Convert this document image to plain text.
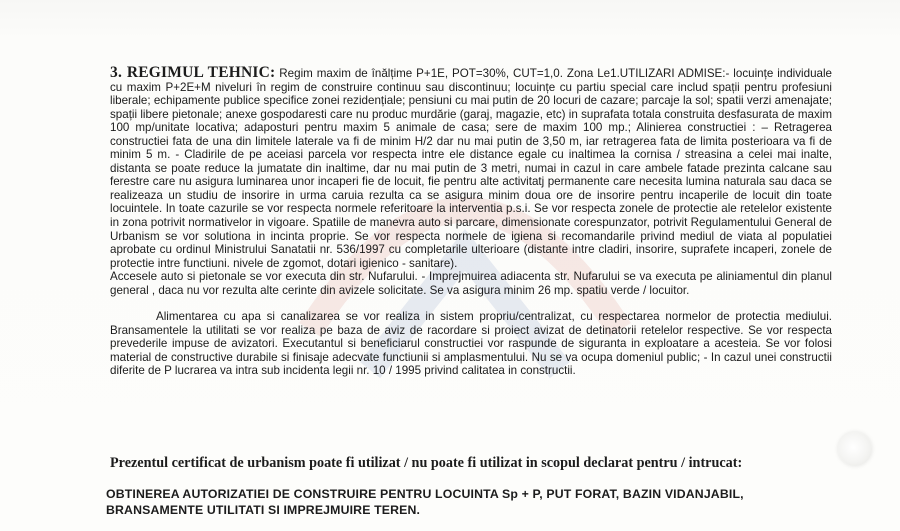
3. REGIMUL TEHNIC: Regim maxim de înălțime P+1E, POT=30%, CUT=1,0. Zona Le1.UTILIZARI ADMISE:- locuințe individuale cu maxim P+2E+M niveluri în regim de construire continuu sau discontinuu; locuințe cu partiu special care includ spații pentru profesiuni liberale; echipamente publice specifice zonei rezidențiale; pensiuni cu mai putin de 20 locuri de cazare; parcaje la sol; spatii verzi amenajate; spații libere pietonale; anexe gospodaresti care nu produc murdărie (garaj, magazie, etc) in suprafata totala construita desfasurata de maxim 100 mp/unitate locativa; adaposturi pentru maxim 5 animale de casa; sere de maxim 100 mp.; Alinierea constructiei : – Retragerea constructiei fata de una din limitele laterale va fi de minim H/2 dar nu mai putin de 3,50 m, iar retragerea fata de limita posterioara va fi de minim 5 m. - Cladirile de pe aceiasi parcela vor respecta intre ele distance egale cu inaltimea la cornisa / streasina a celei mai inalte, distanta se poate reduce la jumatate din inaltime, dar nu mai putin de 3 metri, numai in cazul in care ambele fatade prezinta calcane sau ferestre care nu asigura luminarea unor incaperi fie de locuit, fie pentru alte activitatj permanente care necesita lumina naturala sau daca se realizeaza un studiu de insorire in urma caruia rezulta ca se asigura minim doua ore de insorire pentru incaperile de locuit din toate locuintele. In toate cazurile se vor respecta normele referitoare la interventia p.s.i. Se vor respecta zonele de protectie ale retelelor existente in zona potrivit normativelor in vigoare. Spatiile de manevra auto si parcare, dimensionate corespunzator, potrivit Regulamentului General de Urbanism se vor solutiona in incinta proprie. Se vor respecta normele de igiena si recomandarile privind mediul de viata al populatiei aprobate cu ordinul Ministrului Sanatatii nr. 536/1997 cu completarile ulterioare (distante intre cladiri, insorire, suprafete incaperi, zonele de protectie intre functiuni. nivele de zgomot, dotari igienico - sanitare).

Accesele auto si pietonale se vor executa din str. Nufarului. - Imprejmuirea adiacenta str. Nufarului se va executa pe aliniamentul din planul general , daca nu vor rezulta alte cerinte din avizele solicitate. Se va asigura minim 26 mp. spatiu verde / locuitor.

Alimentarea cu apa si canalizarea se vor realiza in sistem propriu/centralizat, cu respectarea normelor de protectia mediului. Bransamentele la utilitati se vor realiza pe baza de aviz de racordare si proiect avizat de detinatorii retelelor respective. Se vor respecta prevederile impuse de avizatori. Executantul si beneficiarul constructiei vor raspunde de siguranta in exploatare a acesteia. Se vor folosi material de constructive durabile si finisaje adecvate functiunii si amplasmentului. Nu se va ocupa domeniul public; - In cazul unei constructii diferite de P lucrarea va intra sub incidenta legii nr. 10 / 1995 privind calitatea in constructii.

Prezentul certificat de urbanism poate fi utilizat / nu poate fi utilizat in scopul declarat pentru / intrucat:

OBTINEREA AUTORIZATIEI DE CONSTRUIRE PENTRU LOCUINTA Sp + P, PUT FORAT, BAZIN VIDANJABIL, BRANSAMENTE UTILITATI SI IMPREJMUIRE TEREN.
